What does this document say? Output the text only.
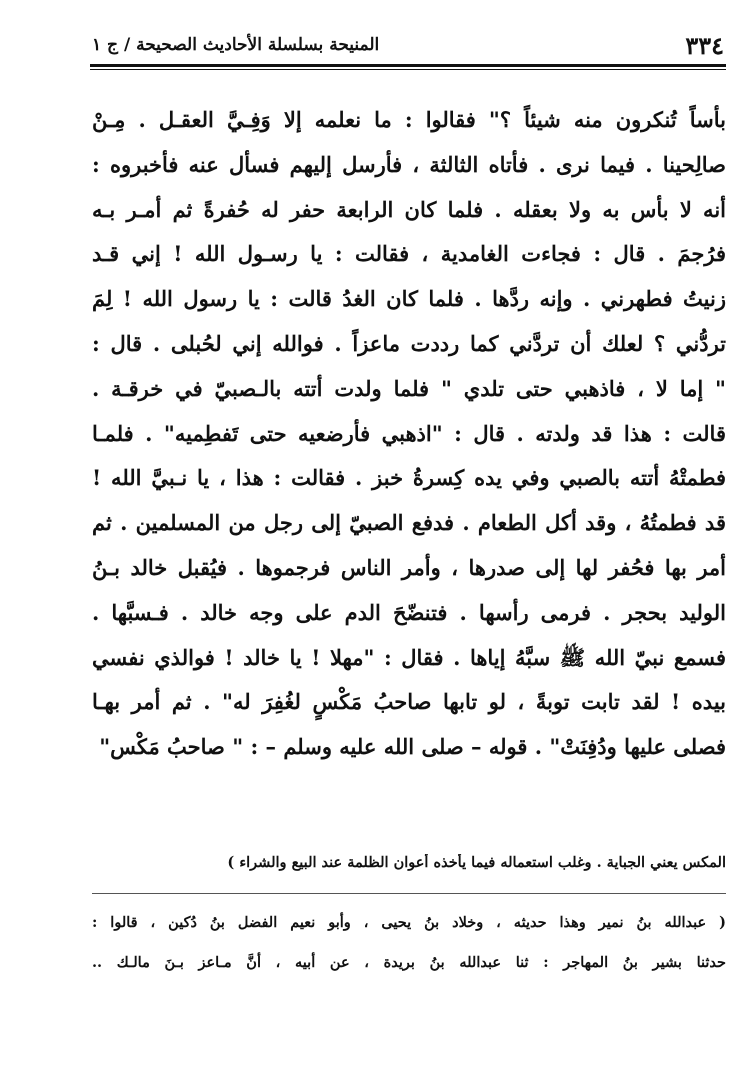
٣٣٤
المنيحة بسلسلة الأحاديث الصحيحة / ج ١
بأساً تُنكرون منه شيئاً ؟" فقالوا : ما نعلمه إلا وَفِـيَّ العقـل . مِـنْ
صالِحينا . فيما نرى . فأتاه الثالثة ، فأرسل إليهم فسأل عنه فأخبروه :
أنه لا بأس به ولا بعقله . فلما كان الرابعة حفر له حُفرةً ثم أمـر بـه
فرُجمَ . قال : فجاءت الغامدية ، فقالت : يا رسـول الله ! إني قـد
زنيتُ فطهرني . وإنه ردَّها . فلما كان الغدُ قالت : يا رسول الله ! لِمَ
تردُّني ؟ لعلك أن تردَّني كما رددت ماعزاً . فوالله إني لحُبلى . قال :
" إما لا ، فاذهبي حتى تلدي " فلما ولدت أتته بالـصبيّ في خرقـة .
قالت : هذا قد ولدته . قال : "اذهبي فأرضعيه حتى تَفطِميه" . فلمـا
فطمتْهُ أتته بالصبي وفي يده كِسرةُ خبز . فقالت : هذا ، يا نـبيَّ الله !
قد فطمتُهُ ، وقد أكل الطعام . فدفع الصبيّ إلى رجل من المسلمين . ثم
أمر بها فحُفر لها إلى صدرها ، وأمر الناس فرجموها . فيُقبل خالد بـنُ
الوليد بحجر . فرمى رأسها . فتنضّحَ الدم على وجه خالد . فـسبَّها .
فسمع نبيّ الله ﷺ سبَّهُ إياها . فقال : "مهلا ! يا خالد ! فوالذي نفسي
بيده ! لقد تابت توبةً ، لو تابها صاحبُ مَكْسٍ لغُفِرَ له" . ثم أمر بهـا
فصلى عليها ودُفِنَتْ" . قوله – صلى الله عليه وسلم – : " صاحبُ مَكْس"
المكس يعني الجباية . وغلب استعماله فيما يأخذه أعوان الظلمة عند البيع والشراء )
( عبدالله بنُ نمير وهذا حديثه ، وخلاد بنُ يحيى ، وأبو نعيم الفضل بنُ دُكين ، قالوا :
حدثنا بشير بنُ المهاجر : ثنا عبدالله بنُ بريدة ، عن أبيه ، أنَّ مـاعز بـنَ مالـك ..
